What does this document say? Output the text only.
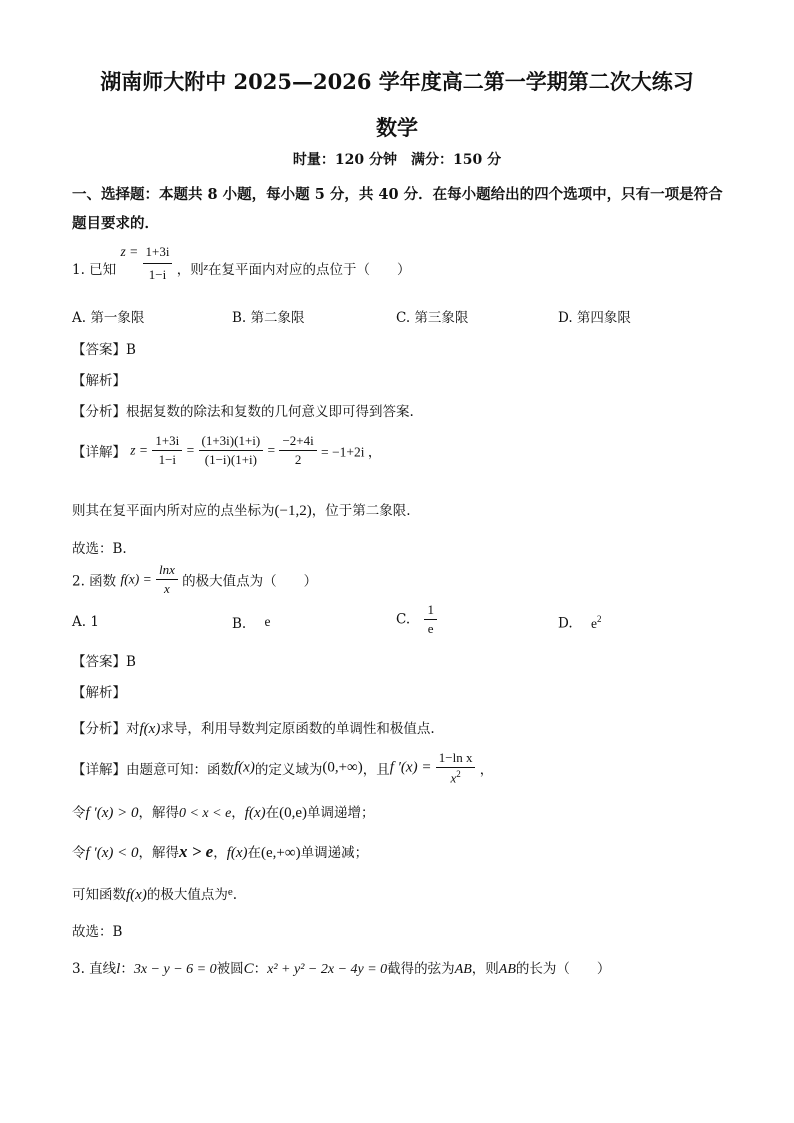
湖南师大附中 2025—2026 学年度高二第一学期第二次大练习
数学
时量：120 分钟　满分：150 分
一、选择题：本题共 8 小题，每小题 5 分，共 40 分．在每小题给出的四个选项中，只有一项是符合题目要求的．
1. 已知 $z = \frac{1+3i}{1-i}$ ，则$_z$在复平面内对应的点位于（　　）
A. 第一象限	B. 第二象限	C. 第三象限	D. 第四象限
【答案】B
【解析】
【分析】根据复数的除法和复数的几何意义即可得到答案.
【详解】 $z = \frac{1+3i}{1-i} = \frac{(1+3i)(1+i)}{(1-i)(1+i)} = \frac{-2+4i}{2} = -1+2i$ ，
则其在复平面内所对应的点坐标为(−1,2)，位于第二象限.
故选：B.
2. 函数 $f(x) = \frac{\ln x}{x}$ 的极大值点为（　　）
A. 1	B. e	C. $\frac{1}{e}$	D. $e^2$
【答案】B
【解析】
【分析】对f(x)求导，利用导数判定原函数的单调性和极值点.
【详解】由题意可知：函数f(x)的定义域为(0,+∞)，且f $'(x) = \frac{\text{1−ln x}}{x^2}$ ，
令f ′(x) > 0，解得0 < x < e，f(x)在(0,e)单调递增；
令f ′(x) < 0，解得x > e，f(x)在(e,+∞)单调递减；
可知函数f(x)的极大值点为$^e$.
故选：B
3. 直线l：3x − y − 6 = 0被圆C：x² + y² − 2x − 4y = 0截得的弦为AB，则AB的长为（　　）
